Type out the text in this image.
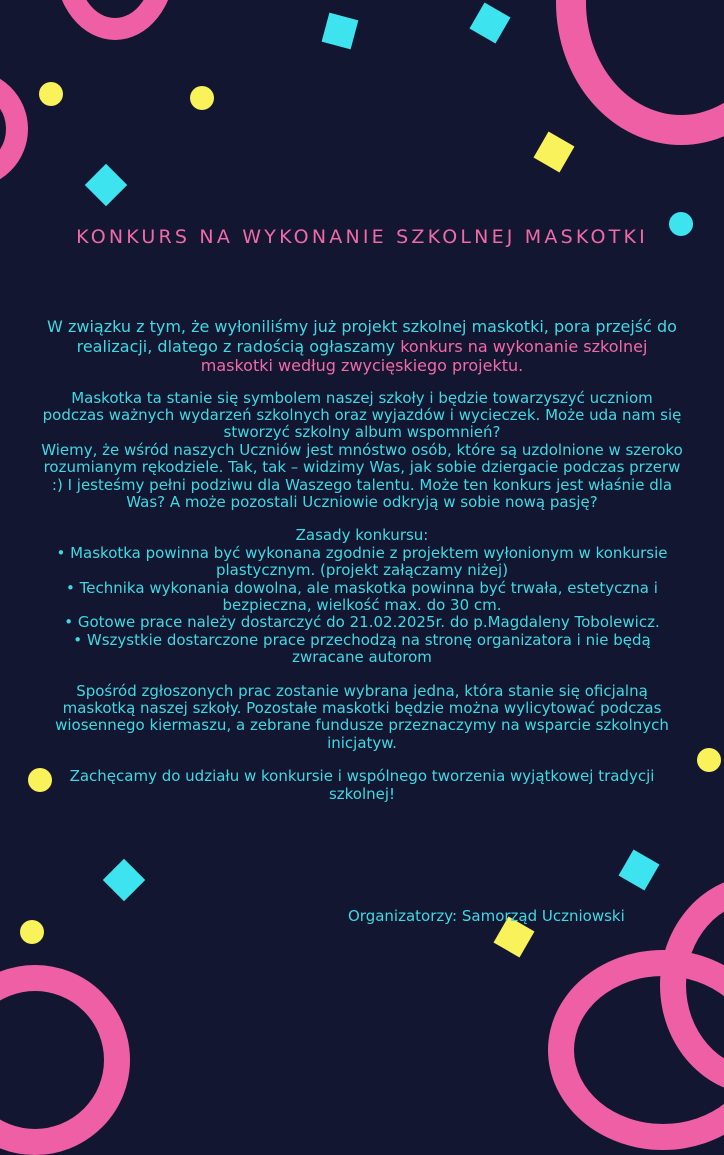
KONKURS NA WYKONANIE SZKOLNEJ MASKOTKI

W związku z tym, że wyłoniliśmy już projekt szkolnej maskotki, pora przejść do realizacji, dlatego z radością ogłaszamy konkurs na wykonanie szkolnej maskotki według zwycięskiego projektu.

Maskotka ta stanie się symbolem naszej szkoły i będzie towarzyszyć uczniom podczas ważnych wydarzeń szkolnych oraz wyjazdów i wycieczek. Może uda nam się stworzyć szkolny album wspomnień?
Wiemy, że wśród naszych Uczniów jest mnóstwo osób, które są uzdolnione w szeroko rozumianym rękodziele. Tak, tak – widzimy Was, jak sobie dziergacie podczas przerw :) I jesteśmy pełni podziwu dla Waszego talentu. Może ten konkurs jest właśnie dla Was? A może pozostali Uczniowie odkryją w sobie nową pasję?
Zasady konkursu:
• Maskotka powinna być wykonana zgodnie z projektem wyłonionym w konkursie plastycznym. (projekt załączamy niżej)
• Technika wykonania dowolna, ale maskotka powinna być trwała, estetyczna i bezpieczna, wielkość max. do 30 cm.
• Gotowe prace należy dostarczyć do 21.02.2025r. do p.Magdaleny Tobolewicz.
• Wszystkie dostarczone prace przechodzą na stronę organizatora i nie będą zwracane autorom

Spośród zgłoszonych prac zostanie wybrana jedna, która stanie się oficjalną maskotką naszej szkoły. Pozostałe maskotki będzie można wylicytować podczas wiosennego kiermaszu, a zebrane fundusze przeznaczymy na wsparcie szkolnych inicjatyw.

Zachęcamy do udziału w konkursie i wspólnego tworzenia wyjątkowej tradycji szkolnej!

Organizatorzy: Samorząd Uczniowski
